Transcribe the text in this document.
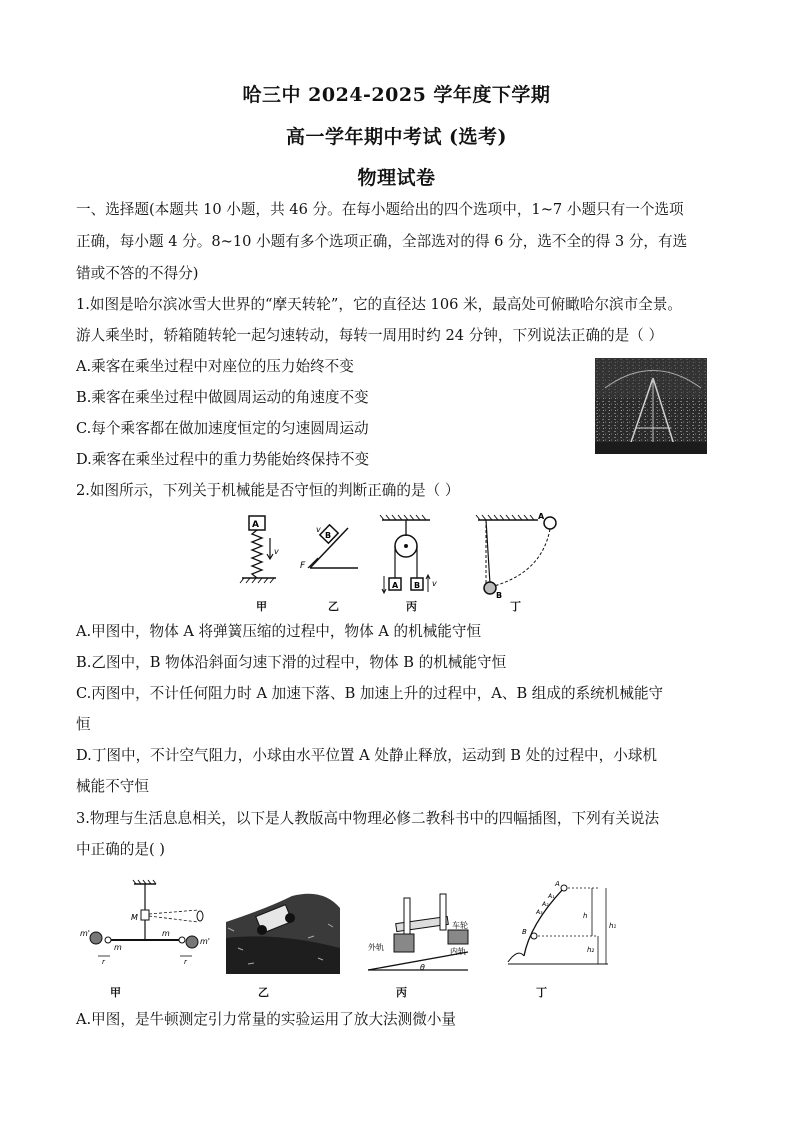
哈三中 2024-2025 学年度下学期
高一学年期中考试 (选考)
物理试卷
一、选择题(本题共 10 小题，共 46 分。在每小题给出的四个选项中，1~7 小题只有一个选项
正确，每小题 4 分。8~10 小题有多个选项正确，全部选对的得 6 分，选不全的得 3 分，有选
错或不答的不得分)
1.如图是哈尔滨冰雪大世界的“摩天转轮”，它的直径达 106 米，最高处可俯瞰哈尔滨市全景。
游人乘坐时，轿箱随转轮一起匀速转动，每转一周用时约 24 分钟，下列说法正确的是（ ）
A.乘客在乘坐过程中对座位的压力始终不变
B.乘客在乘坐过程中做圆周运动的角速度不变
C.每个乘客都在做加速度恒定的匀速圆周运动
D.乘客在乘坐过程中的重力势能始终保持不变
2.如图所示，下列关于机械能是否守恒的判断正确的是（ ）
A
v
B
F
v
A B v
A
B
甲	乙	丙	丁
A.甲图中，物体 A 将弹簧压缩的过程中，物体 A 的机械能守恒
B.乙图中，B 物体沿斜面匀速下滑的过程中，物体 B 的机械能守恒
C.丙图中，不计任何阻力时 A 加速下落、B 加速上升的过程中，A、B 组成的系统机械能守
恒
D.丁图中，不计空气阻力，小球由水平位置 A 处静止释放，运动到 B 处的过程中，小球机
械能不守恒
3.物理与生活息息相关，以下是人教版高中物理必修二教科书中的四幅插图，下列有关说法
中正确的是( )
M
m'
m
m
m'
r	r
外轨
车轮
内轨
θ
A
B
A₁
A₂
A₃	h
h₁
h₂
甲	乙	丙	丁
A.甲图，是牛顿测定引力常量的实验运用了放大法测微小量
